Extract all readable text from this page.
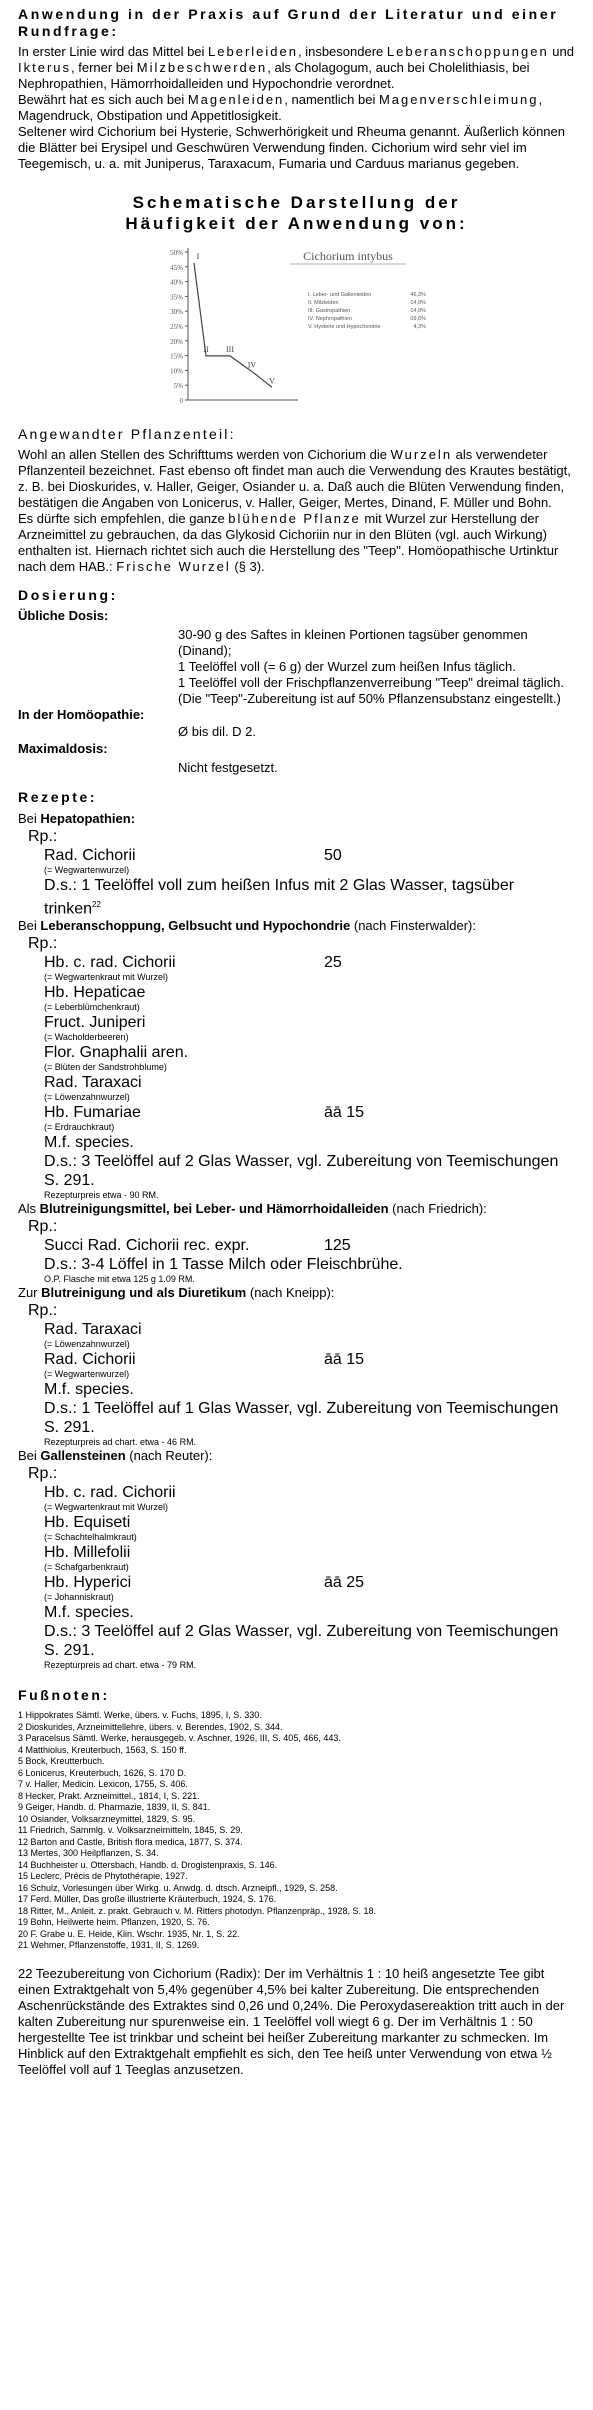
Anwendung in der Praxis auf Grund der Literatur und einer Rundfrage:

In erster Linie wird das Mittel bei Leberleiden, insbesondere Leberanschoppungen und Ikterus, ferner bei Milzbeschwerden, als Cholagogum, auch bei Cholelithiasis, bei Nephropathien, Hämorrhoidalleiden und Hypochondrie verordnet.

Bewährt hat es sich auch bei Magenleiden, namentlich bei Magenverschleimung, Magendruck, Obstipation und Appetitlosigkeit.

Seltener wird Cichorium bei Hysterie, Schwerhörigkeit und Rheuma genannt. Äußerlich können die Blätter bei Erysipel und Geschwüren Verwendung finden. Cichorium wird sehr viel im Teegemisch, u. a. mit Juniperus, Taraxacum, Fumaria und Carduus marianus gegeben.

Schematische Darstellung der Häufigkeit der Anwendung von:
50%
45%
40%
35%
30%
25%
20%
15%
10%
5%
0
I
II III
IV
V
Cichorium intybus
I. Leber- und Gallenleiden	46,3%
II. Milzleiden	14,9%
III. Gastropathien	14,9%
IV. Nephropathien	09,6%
V. Hysterie und Hypochondrie	4,3%
Angewandter Pflanzenteil:

Wohl an allen Stellen des Schrifttums werden von Cichorium die Wurzeln als verwendeter Pflanzenteil bezeichnet. Fast ebenso oft findet man auch die Verwendung des Krautes bestätigt, z. B. bei Dioskurides, v. Haller, Geiger, Osiander u. a. Daß auch die Blüten Verwendung finden, bestätigen die Angaben von Lonicerus, v. Haller, Geiger, Mertes, Dinand, F. Müller und Bohn.

Es dürfte sich empfehlen, die ganze blühende Pflanze mit Wurzel zur Herstellung der Arzneimittel zu gebrauchen, da das Glykosid Cichoriin nur in den Blüten (vgl. auch Wirkung) enthalten ist. Hiernach richtet sich auch die Herstellung des "Teep". Homöopathische Urtinktur nach dem HAB.: Frische Wurzel (§ 3).

Dosierung:
Übliche Dosis:

30-90 g des Saftes in kleinen Portionen tagsüber genommen (Dinand);

1 Teelöffel voll (= 6 g) der Wurzel zum heißen Infus täglich.

1 Teelöffel voll der Frischpflanzenverreibung "Teep" dreimal täglich.

(Die "Teep"-Zubereitung ist auf 50% Pflanzensubstanz eingestellt.)

In der Homöopathie:
Ø bis dil. D 2.
Maximaldosis:
Nicht festgesetzt.
Rezepte:

Bei Hepatopathien:

Rp.:
Rad. Cichorii	50
(= Wegwartenwurzel)
D.s.: 1 Teelöffel voll zum heißen Infus mit 2 Glas Wasser, tagsüber trinken$^{22}$

Bei Leberanschoppung, Gelbsucht und Hypochondrie (nach Finsterwalder):

Rp.:
Hb. c. rad. Cichorii	25
(= Wegwartenkraut mit Wurzel)
Hb. Hepaticae
(= Leberblümchenkraut)
Fruct. Juniperi
(= Wacholderbeeren)
Flor. Gnaphalii aren.
(= Blüten der Sandstrohblume)
Rad. Taraxaci
(= Löwenzahnwurzel)
Hb. Fumariae	āā 15
(= Erdrauchkraut)
M.f. species.
D.s.: 3 Teelöffel auf 2 Glas Wasser, vgl. Zubereitung von Teemischungen S. 291.
Rezepturpreis etwa - 90 RM.

Als Blutreinigungsmittel, bei Leber- und Hämorrhoidalleiden (nach Friedrich):

Rp.:
Succi Rad. Cichorii rec. expr.	125
D.s.: 3-4 Löffel in 1 Tasse Milch oder Fleischbrühe.
O.P. Flasche mit etwa 125 g 1.09 RM.

Zur Blutreinigung und als Diuretikum (nach Kneipp):

Rp.:
Rad. Taraxaci
(= Löwenzahnwurzel)
Rad. Cichorii	āā 15
(= Wegwartenwurzel)
M.f. species.
D.s.: 1 Teelöffel auf 1 Glas Wasser, vgl. Zubereitung von Teemischungen S. 291.
Rezepturpreis ad chart. etwa - 46 RM.

Bei Gallensteinen (nach Reuter):

Rp.:
Hb. c. rad. Cichorii
(= Wegwartenkraut mit Wurzel)
Hb. Equiseti
(= Schachtelhalmkraut)
Hb. Millefolii
(= Schafgarbenkraut)
Hb. Hyperici	āā 25
(= Johanniskraut)
M.f. species.
D.s.: 3 Teelöffel auf 2 Glas Wasser, vgl. Zubereitung von Teemischungen S. 291.
Rezepturpreis ad chart. etwa - 79 RM.
Fußnoten:
1 Hippokrates Sämtl. Werke, übers. v. Fuchs, 1895, I, S. 330.
2 Dioskurides, Arzneimittellehre, übers. v. Berendes, 1902, S. 344.
3 Paracelsus Sämtl. Werke, herausgegeb. v. Aschner, 1926, III, S. 405, 466, 443.
4 Matthiolus, Kreuterbuch, 1563, S. 150 ff.
5 Bock, Kreutterbuch.
6 Lonicerus, Kreuterbuch, 1626, S. 170 D.
7 v. Haller, Medicin. Lexicon, 1755, S. 406.
8 Hecker, Prakt. Arzneimittel., 1814, I, S. 221.
9 Geiger, Handb. d. Pharmazie, 1839, II, S. 841.
10 Osiander, Volksarzneymittel, 1829, S. 95.
11 Friedrich, Sammlg. v. Volksarzneimitteln, 1845, S. 29.
12 Barton and Castle, British flora medica, 1877, S. 374.
13 Mertes, 300 Heilpflanzen, S. 34.
14 Buchheister u. Ottersbach, Handb. d. Drogistenpraxis, S. 146.
15 Leclerc, Précis de Phytothérapie, 1927.
16 Schulz, Vorlesungen über Wirkg. u. Anwdg. d. dtsch. Arzneipfl., 1929, S. 258.
17 Ferd. Müller, Das große illustrierte Kräuterbuch, 1924, S. 176.
18 Ritter, M., Anleit. z. prakt. Gebrauch v. M. Ritters photodyn. Pflanzenpräp., 1928, S. 18.
19 Bohn, Heilwerte heim. Pflanzen, 1920, S. 76.
20 F. Grabe u. E. Heide, Klin. Wschr. 1935, Nr. 1, S. 22.
21 Wehmer, Pflanzenstoffe, 1931, II, S. 1269.

22 Teezubereitung von Cichorium (Radix): Der im Verhältnis 1 : 10 heiß angesetzte Tee gibt einen Extraktgehalt von 5,4% gegenüber 4,5% bei kalter Zubereitung. Die entsprechenden Aschenrückstände des Extraktes sind 0,26 und 0,24%. Die Peroxydasereaktion tritt auch in der kalten Zubereitung nur spurenweise ein. 1 Teelöffel voll wiegt 6 g. Der im Verhältnis 1 : 50 hergestellte Tee ist trinkbar und scheint bei heißer Zubereitung markanter zu schmecken. Im Hinblick auf den Extraktgehalt empfiehlt es sich, den Tee heiß unter Verwendung von etwa ½ Teelöffel voll auf 1 Teeglas anzusetzen.
